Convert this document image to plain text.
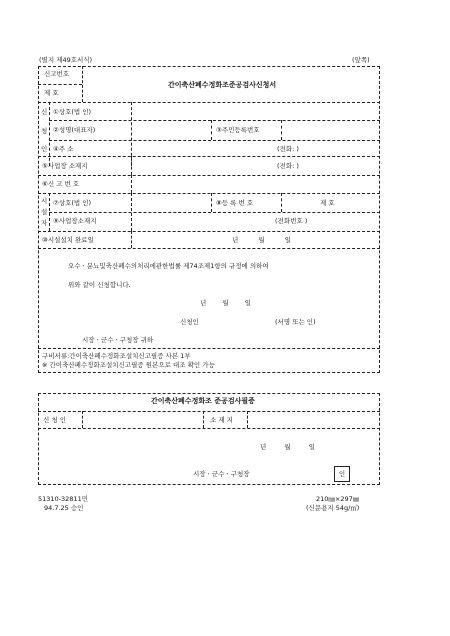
(별지 제49호서식)	(앞쪽)
신고번호
제 호
간이축산폐수정화조준공검사신청서
신
청
인
①상호(법 인)
②성명(대표자)	③주민등록번호
④주 소	(전화: )
⑤사업장 소재지	(전화: )
⑥신 고 번 호
시
설
자
⑦상호(법 인)	⑧등 록 번 호	제 호
⑨사업장소재지	(전화번호 )
⑩시설설치 완료일	년 월 일
오수ㆍ분뇨및축산폐수의처리에관한법률 제74조제1항의 규정에 의하여
위와 같이 신청합니다.
년 월 일
신청인	(서명 또는 인)
시장ㆍ군수ㆍ구청장 귀하
구비서류:간이축산폐수정화조설치신고필증 사본 1부
※ 간이축산폐수정화조설치신고필증 원본으로 대조 확인 가능
간이축산폐수정화조 준공검사필증
신 청 인	소 재 지
년 월 일
시장ㆍ군수ㆍ구청장	인
51310-32811민
94.7.25 승인
210㎜×297㎜
(신문용지 54g/㎡)
